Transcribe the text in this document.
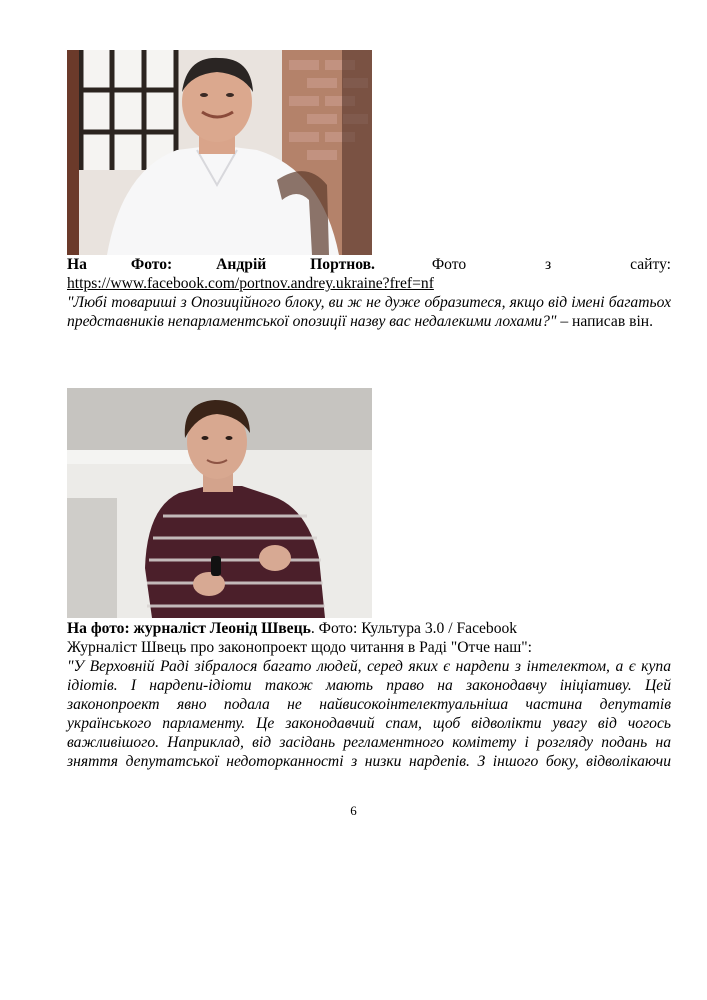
На Фото: Андрій Портнов.	Фото з сайту:

https://www.facebook.com/portnov.andrey.ukraine?fref=nf

"Любі товариші з Опозиційного блоку, ви ж не дуже образитеся, якщо від імені багатьох представників непарламентської опозиції назву вас недалекими лохами?" – написав він.

На фото: журналіст Леонід Швець. Фото: Культура 3.0 / Facebook

Журналіст Швець про законопроект щодо читання в Раді "Отче наш":

"У Верховній Раді зібралося багато людей, серед яких є нардепи з інтелектом, а є купа ідіотів. І нардепи-ідіоти також мають право на законодавчу ініціативу. Цей законопроект явно подала не найвисокоінтелектуальніша частина депутатів українського парламенту. Це законодавчий спам, щоб відволікти увагу від чогось важливішого. Наприклад, від засідань регламентного комітету і розгляду подань на зняття депутатської недоторканності з низки нардепів. З іншого боку, відволікаючи

6
